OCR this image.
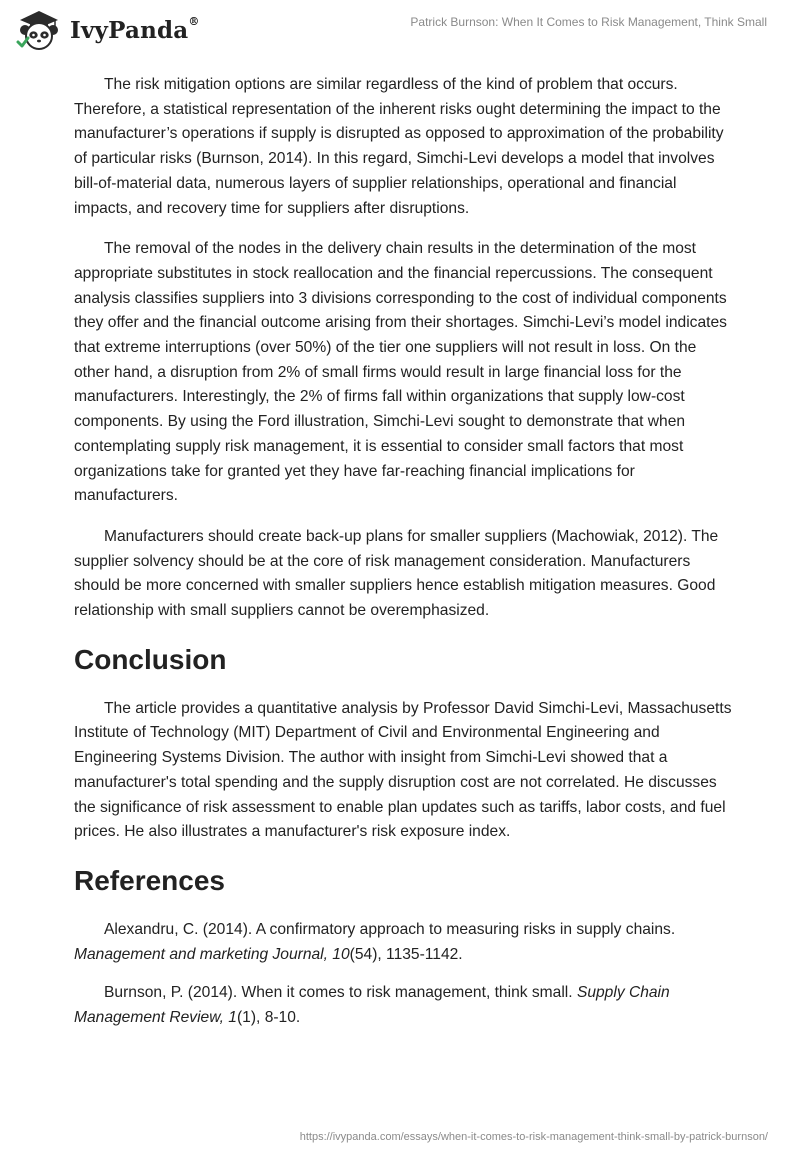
IvyPanda®	Patrick Burnson: When It Comes to Risk Management, Think Small

The risk mitigation options are similar regardless of the kind of problem that occurs. Therefore, a statistical representation of the inherent risks ought determining the impact to the manufacturer’s operations if supply is disrupted as opposed to approximation of the probability of particular risks (Burnson, 2014). In this regard, Simchi-Levi develops a model that involves bill-of-material data, numerous layers of supplier relationships, operational and financial impacts, and recovery time for suppliers after disruptions.

The removal of the nodes in the delivery chain results in the determination of the most appropriate substitutes in stock reallocation and the financial repercussions. The consequent analysis classifies suppliers into 3 divisions corresponding to the cost of individual components they offer and the financial outcome arising from their shortages. Simchi-Levi’s model indicates that extreme interruptions (over 50%) of the tier one suppliers will not result in loss. On the other hand, a disruption from 2% of small firms would result in large financial loss for the manufacturers. Interestingly, the 2% of firms fall within organizations that supply low-cost components. By using the Ford illustration, Simchi-Levi sought to demonstrate that when contemplating supply risk management, it is essential to consider small factors that most organizations take for granted yet they have far-reaching financial implications for manufacturers.

Manufacturers should create back-up plans for smaller suppliers (Machowiak, 2012). The supplier solvency should be at the core of risk management consideration. Manufacturers should be more concerned with smaller suppliers hence establish mitigation measures. Good relationship with small suppliers cannot be overemphasized.

Conclusion

The article provides a quantitative analysis by Professor David Simchi-Levi, Massachusetts Institute of Technology (MIT) Department of Civil and Environmental Engineering and Engineering Systems Division. The author with insight from Simchi-Levi showed that a manufacturer's total spending and the supply disruption cost are not correlated. He discusses the significance of risk assessment to enable plan updates such as tariffs, labor costs, and fuel prices. He also illustrates a manufacturer's risk exposure index.

References

Alexandru, C. (2014). A confirmatory approach to measuring risks in supply chains. Management and marketing Journal, 10(54), 1135-1142.

Burnson, P. (2014). When it comes to risk management, think small. Supply Chain Management Review, 1(1), 8-10.

https://ivypanda.com/essays/when-it-comes-to-risk-management-think-small-by-patrick-burnson/
